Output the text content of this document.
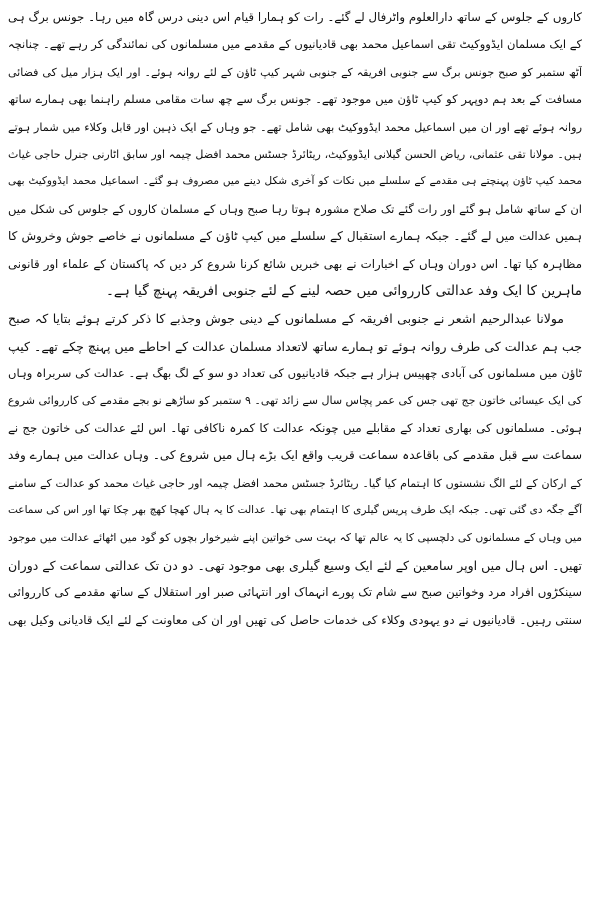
کاروں کے جلوس کے ساتھ دارالعلوم واٹرفال لے گئے۔ رات کو ہمارا قیام اس دینی درس گاہ میں رہا۔ جونس برگ ہی
کے ایک مسلمان ایڈووکیٹ تقی اسماعیل محمد بھی قادیانیوں کے مقدمے میں مسلمانوں کی نمائندگی کر رہے تھے۔ چنانچہ
آٹھ ستمبر کو صبح جونس برگ سے جنوبی افریقہ کے جنوبی شہر کیپ ٹاؤن کے لئے روانہ ہوئے۔ اور ایک ہزار میل کی فضائی
مسافت کے بعد ہم دوپہر کو کیپ ٹاؤن میں موجود تھے۔ جونس برگ سے چھ سات مقامی مسلم راہنما بھی ہمارے ساتھ
روانہ ہوئے تھے اور ان میں اسماعیل محمد ایڈووکیٹ بھی شامل تھے۔ جو وہاں کے ایک ذہین اور قابل وکلاء میں شمار ہوتے
ہیں۔ مولانا تقی عثمانی، ریاض الحسن گیلانی ایڈووکیٹ، ریٹائرڈ جسٹس محمد افضل چیمہ اور سابق اٹارنی جنرل حاجی غیاث
محمد کیپ ٹاؤن پہنچتے ہی مقدمے کے سلسلے میں نکات کو آخری شکل دینے میں مصروف ہو گئے۔ اسماعیل محمد ایڈووکیٹ بھی
ان کے ساتھ شامل ہو گئے اور رات گئے تک صلاح مشورہ ہوتا رہا صبح وہاں کے مسلمان کاروں کے جلوس کی شکل میں
ہمیں عدالت میں لے گئے۔ جبکہ ہمارے استقبال کے سلسلے میں کیپ ٹاؤن کے مسلمانوں نے خاصے جوش وخروش کا
مظاہرہ کیا تھا۔ اس دوران وہاں کے اخبارات نے بھی خبریں شائع کرنا شروع کر دیں کہ پاکستان کے علماء اور قانونی
ماہرین کا ایک وفد عدالتی کارروائی میں حصہ لینے کے لئے جنوبی افریقہ پہنچ گیا ہے۔
مولانا عبدالرحیم اشعر نے جنوبی افریقہ کے مسلمانوں کے دینی جوش وجذبے کا ذکر کرتے ہوئے بتایا کہ صبح
جب ہم عدالت کی طرف روانہ ہوئے تو ہمارے ساتھ لاتعداد مسلمان عدالت کے احاطے میں پہنچ چکے تھے۔ کیپ
ٹاؤن میں مسلمانوں کی آبادی چھپیس ہزار ہے جبکہ قادیانیوں کی تعداد دو سو کے لگ بھگ ہے۔ عدالت کی سربراہ وہاں
کی ایک عیسائی خاتون جج تھی جس کی عمر پچاس سال سے زائد تھی۔ ۹ ستمبر کو ساڑھے نو بجے مقدمے کی کارروائی شروع
ہوئی۔ مسلمانوں کی بھاری تعداد کے مقابلے میں چونکہ عدالت کا کمرہ ناکافی تھا۔ اس لئے عدالت کی خاتون جج نے
سماعت سے قبل مقدمے کی باقاعدہ سماعت قریب واقع ایک بڑے ہال میں شروع کی۔ وہاں عدالت میں ہمارے وفد
کے ارکان کے لئے الگ نشستوں کا اہتمام کیا گیا۔ ریٹائرڈ جسٹس محمد افضل چیمہ اور حاجی غیاث محمد کو عدالت کے سامنے
آگے جگہ دی گئی تھی۔ جبکہ ایک طرف پریس گیلری کا اہتمام بھی تھا۔ عدالت کا یہ ہال کھچا کھچ بھر چکا تھا اور اس کی سماعت
میں وہاں کے مسلمانوں کی دلچسپی کا یہ عالم تھا کہ بہت سی خواتین اپنے شیرخوار بچوں کو گود میں اٹھائے عدالت میں موجود
تھیں۔ اس ہال میں اوپر سامعین کے لئے ایک وسیع گیلری بھی موجود تھی۔ دو دن تک عدالتی سماعت کے دوران
سینکڑوں افراد مرد وخواتین صبح سے شام تک پورے انہماک اور انتہائی صبر اور استقلال کے ساتھ مقدمے کی کارروائی
سنتی رہیں۔ قادیانیوں نے دو یہودی وکلاء کی خدمات حاصل کی تھیں اور ان کی معاونت کے لئے ایک قادیانی وکیل بھی
